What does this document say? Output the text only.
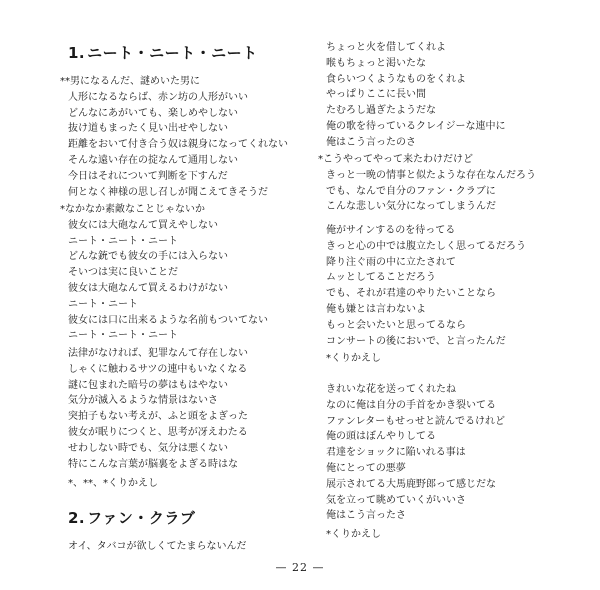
1. ニート・ニート・ニート
**男になるんだ、謎めいた男に
人形になるならば、赤ン坊の人形がいい
どんなにあがいても、楽しめやしない
抜け道もまったく見い出せやしない
距離をおいて付き合う奴は親身になってくれない
そんな遠い存在の掟なんて通用しない
今日はそれについて判断を下すんだ
何となく神様の思し召しが聞こえてきそうだ
*なかなか素敵なことじゃないか
彼女には大砲なんて買えやしない
ニート・ニート・ニート
どんな銃でも彼女の手には入らない
そいつは実に良いことだ
彼女は大砲なんて買えるわけがない
ニート・ニート
彼女には口に出来るような名前もついてない
ニート・ニート・ニート
法律がなければ、犯罪なんて存在しない
しゃくに触わるサツの連中もいなくなる
謎に包まれた暗号の夢はもはやない
気分が滅入るような情景はないさ
突拍子もない考えが、ふと頭をよぎった
彼女が眠りにつくと、思考が冴えわたる
せわしない時でも、気分は悪くない
特にこんな言葉が脳裏をよぎる時はな
*、**、*くりかえし
2. ファン・クラブ
オイ、タバコが欲しくてたまらないんだ
ちょっと火を借してくれよ
喉もちょっと渇いたな
食らいつくようなものをくれよ
やっぱりここに長い間
たむろし過ぎたようだな
俺の歌を待っているクレイジーな連中に
俺はこう言ったのさ
*こうやってやって来たわけだけど
きっと一晩の情事と似たような存在なんだろう
でも、なんで自分のファン・クラブに
こんな悲しい気分になってしまうんだ
俺がサインするのを待ってる
きっと心の中では腹立たしく思ってるだろう
降り注ぐ雨の中に立たされて
ムッとしてることだろう
でも、それが君達のやりたいことなら
俺も嫌とは言わないよ
もっと会いたいと思ってるなら
コンサートの後においで、と言ったんだ
*くりかえし
きれいな花を送ってくれたね
なのに俺は自分の手首をかき裂いてる
ファンレターもせっせと読んでるけれど
俺の頭はぼんやりしてる
君達をショックに陥いれる事は
俺にとっての悪夢
展示されてる大馬鹿野郎って感じだな
気を立って眺めていくがいいさ
俺はこう言ったさ
*くりかえし
— 22 —
